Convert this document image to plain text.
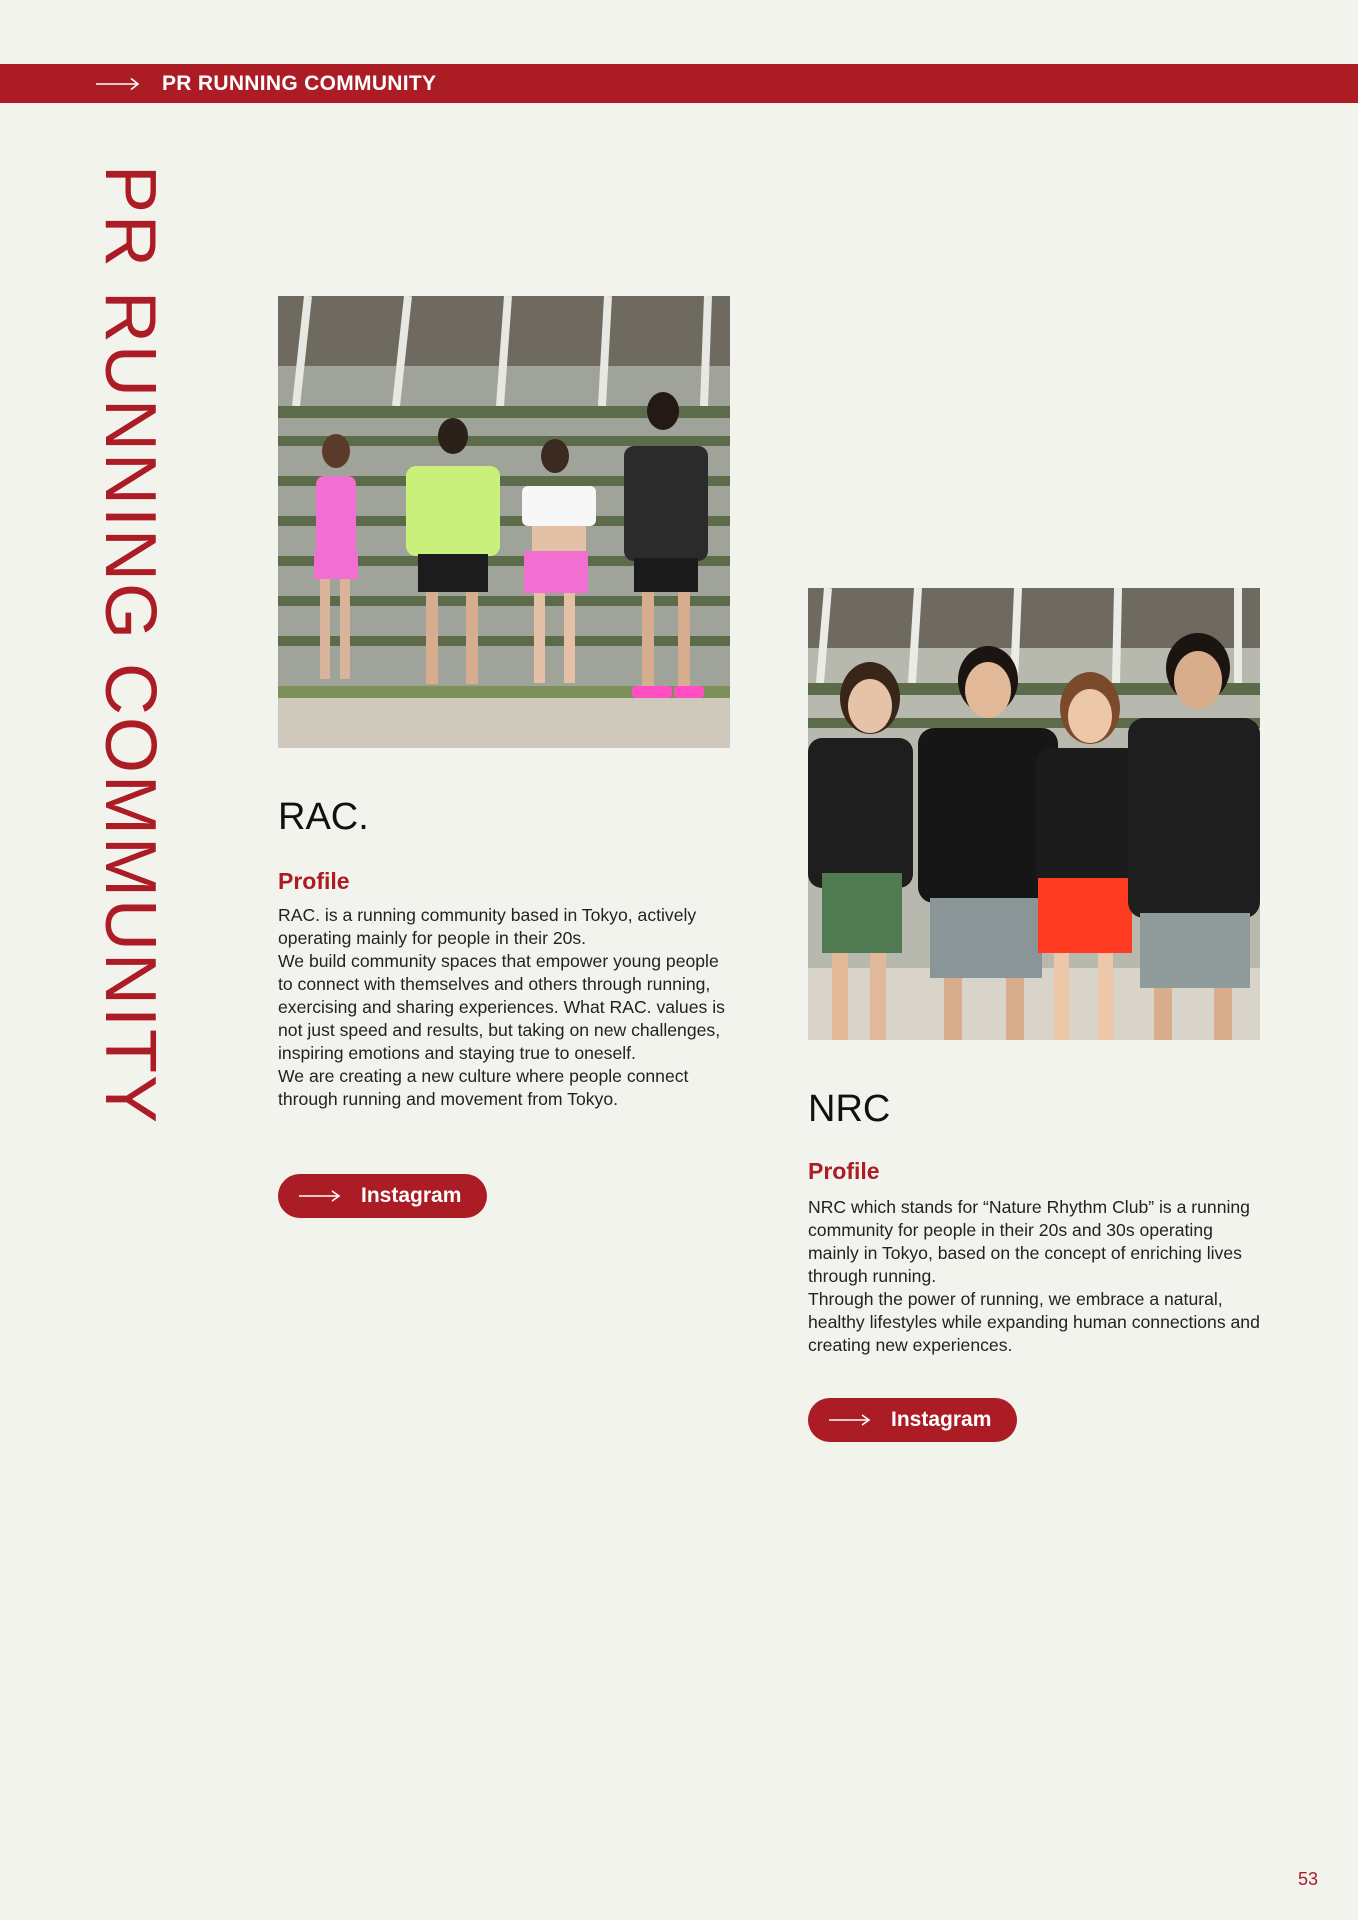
PR RUNNING COMMUNITY
PR RUNNING COMMUNITY	RAC.
Profile

RAC. is a running community based in Tokyo, actively operating mainly for people in their 20s.

We build community spaces that empower young people to connect with themselves and others through running, exercising and sharing experiences. What RAC. values is not just speed and results, but taking on new challenges, inspiring emotions and staying true to oneself.

We are creating a new culture where people connect through running and movement from Tokyo.

Instagram
NRC
Profile

NRC which stands for “Nature Rhythm Club” is a running community for people in their 20s and 30s operating mainly in Tokyo, based on the concept of enriching lives through running.

Through the power of running, we embrace a natural, healthy lifestyles while expanding human connections and creating new experiences.

Instagram
53
